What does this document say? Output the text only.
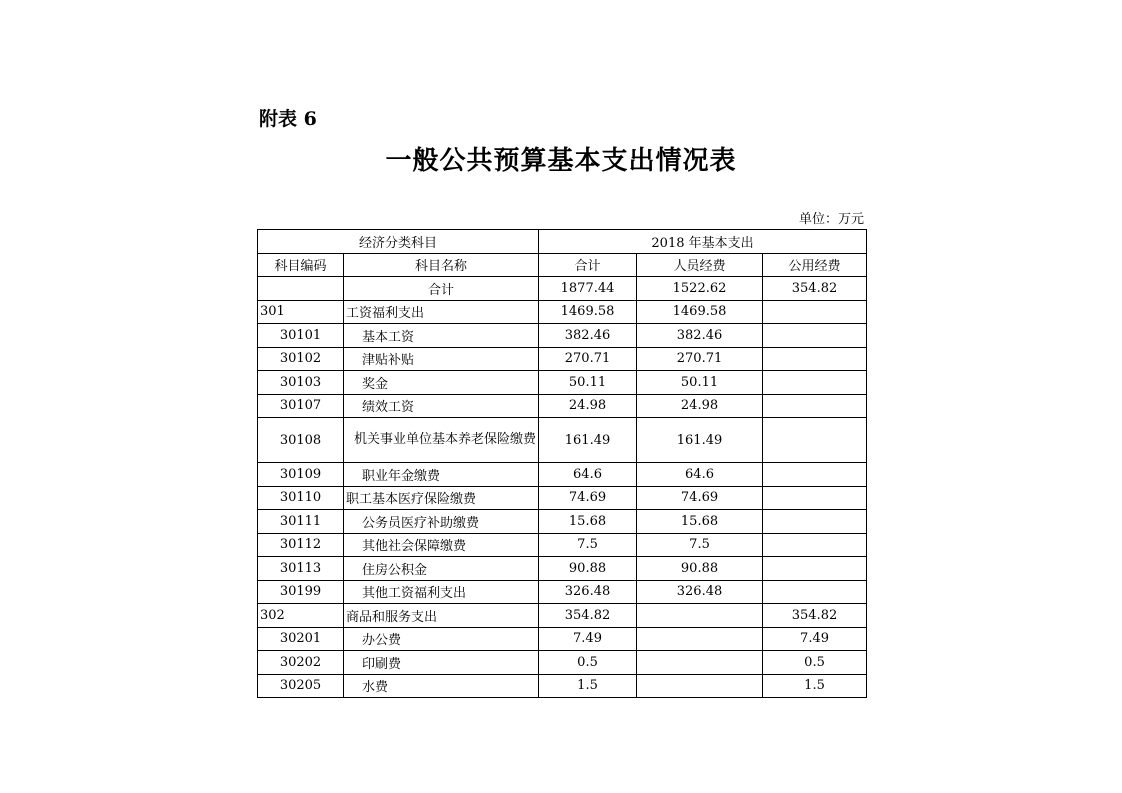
附表 6
一般公共预算基本支出情况表
单位：万元
经济分类科目		2018 年基本支出		
科目编码	科目名称	合计	人员经费	公用经费
	合计	1877.44	1522.62	354.82
301	工资福利支出	1469.58	1469.58	
30101	基本工资	382.46	382.46	
30102	津贴补贴	270.71	270.71	
30103	奖金	50.11	50.11	
30107	绩效工资	24.98	24.98	
30108	机关事业单位基本养老保险缴费	161.49	161.49	
30109	职业年金缴费	64.6	64.6	
30110	职工基本医疗保险缴费	74.69	74.69	
30111	公务员医疗补助缴费	15.68	15.68	
30112	其他社会保障缴费	7.5	7.5	
30113	住房公积金	90.88	90.88	
30199	其他工资福利支出	326.48	326.48	
302	商品和服务支出	354.82		354.82
30201	办公费	7.49		7.49
30202	印刷费	0.5		0.5
30205	水费	1.5		1.5
